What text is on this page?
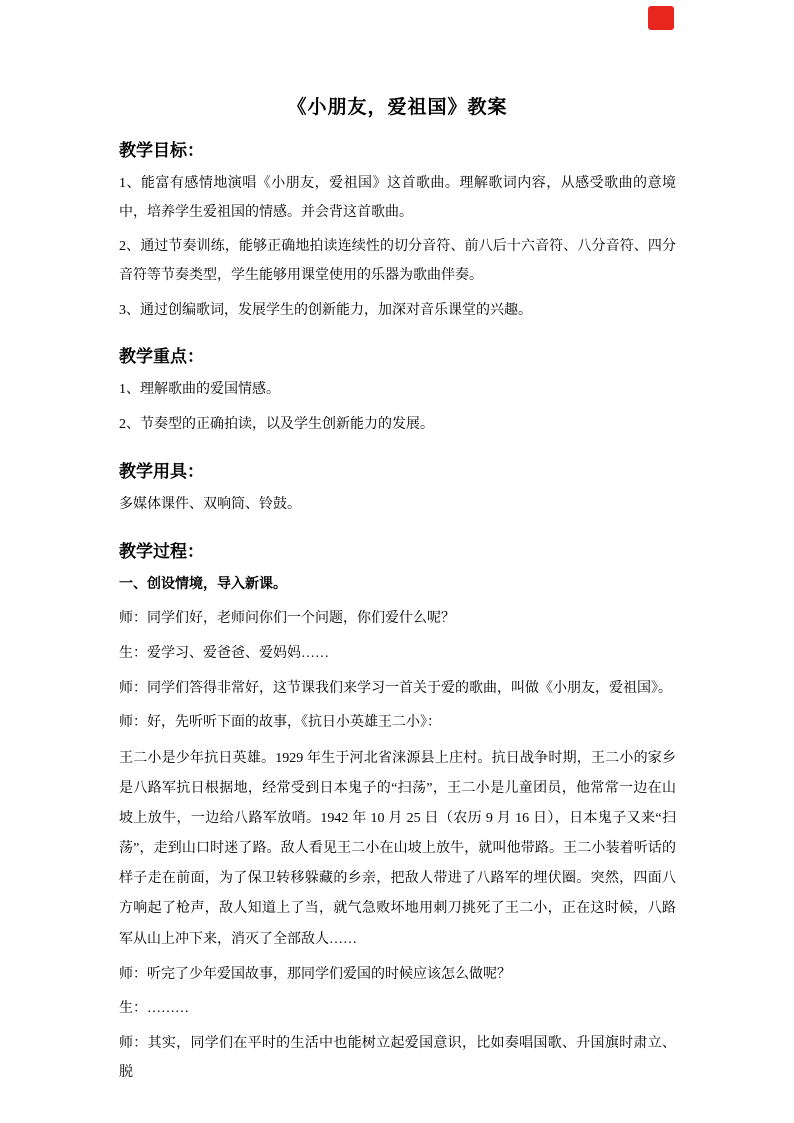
《小朋友，爱祖国》教案
教学目标：

1、能富有感情地演唱《小朋友，爱祖国》这首歌曲。理解歌词内容，从感受歌曲的意境中，培养学生爱祖国的情感。并会背这首歌曲。

2、通过节奏训练，能够正确地拍读连续性的切分音符、前八后十六音符、八分音符、四分音符等节奏类型，学生能够用课堂使用的乐器为歌曲伴奏。

3、通过创编歌词，发展学生的创新能力，加深对音乐课堂的兴趣。

教学重点：

1、理解歌曲的爱国情感。

2、节奏型的正确拍读，以及学生创新能力的发展。

教学用具：

多媒体课件、双响筒、铃鼓。

教学过程：

一、创设情境，导入新课。

师：同学们好，老师问你们一个问题，你们爱什么呢？

生：爱学习、爱爸爸、爱妈妈……

师：同学们答得非常好，这节课我们来学习一首关于爱的歌曲，叫做《小朋友，爱祖国》。

师：好，先听听下面的故事，《抗日小英雄王二小》：

王二小是少年抗日英雄。1929 年生于河北省涞源县上庄村。抗日战争时期，王二小的家乡是八路军抗日根据地，经常受到日本鬼子的“扫荡”，王二小是儿童团员，他常常一边在山坡上放牛，一边给八路军放哨。1942 年 10 月 25 日（农历 9 月 16 日），日本鬼子又来“扫荡”，走到山口时迷了路。敌人看见王二小在山坡上放牛，就叫他带路。王二小装着听话的样子走在前面，为了保卫转移躲藏的乡亲，把敌人带进了八路军的埋伏圈。突然，四面八方响起了枪声，敌人知道上了当，就气急败坏地用刺刀挑死了王二小，正在这时候，八路军从山上冲下来，消灭了全部敌人……

师：听完了少年爱国故事，那同学们爱国的时候应该怎么做呢？

生：………

师：其实，同学们在平时的生活中也能树立起爱国意识，比如奏唱国歌、升国旗时肃立、脱
